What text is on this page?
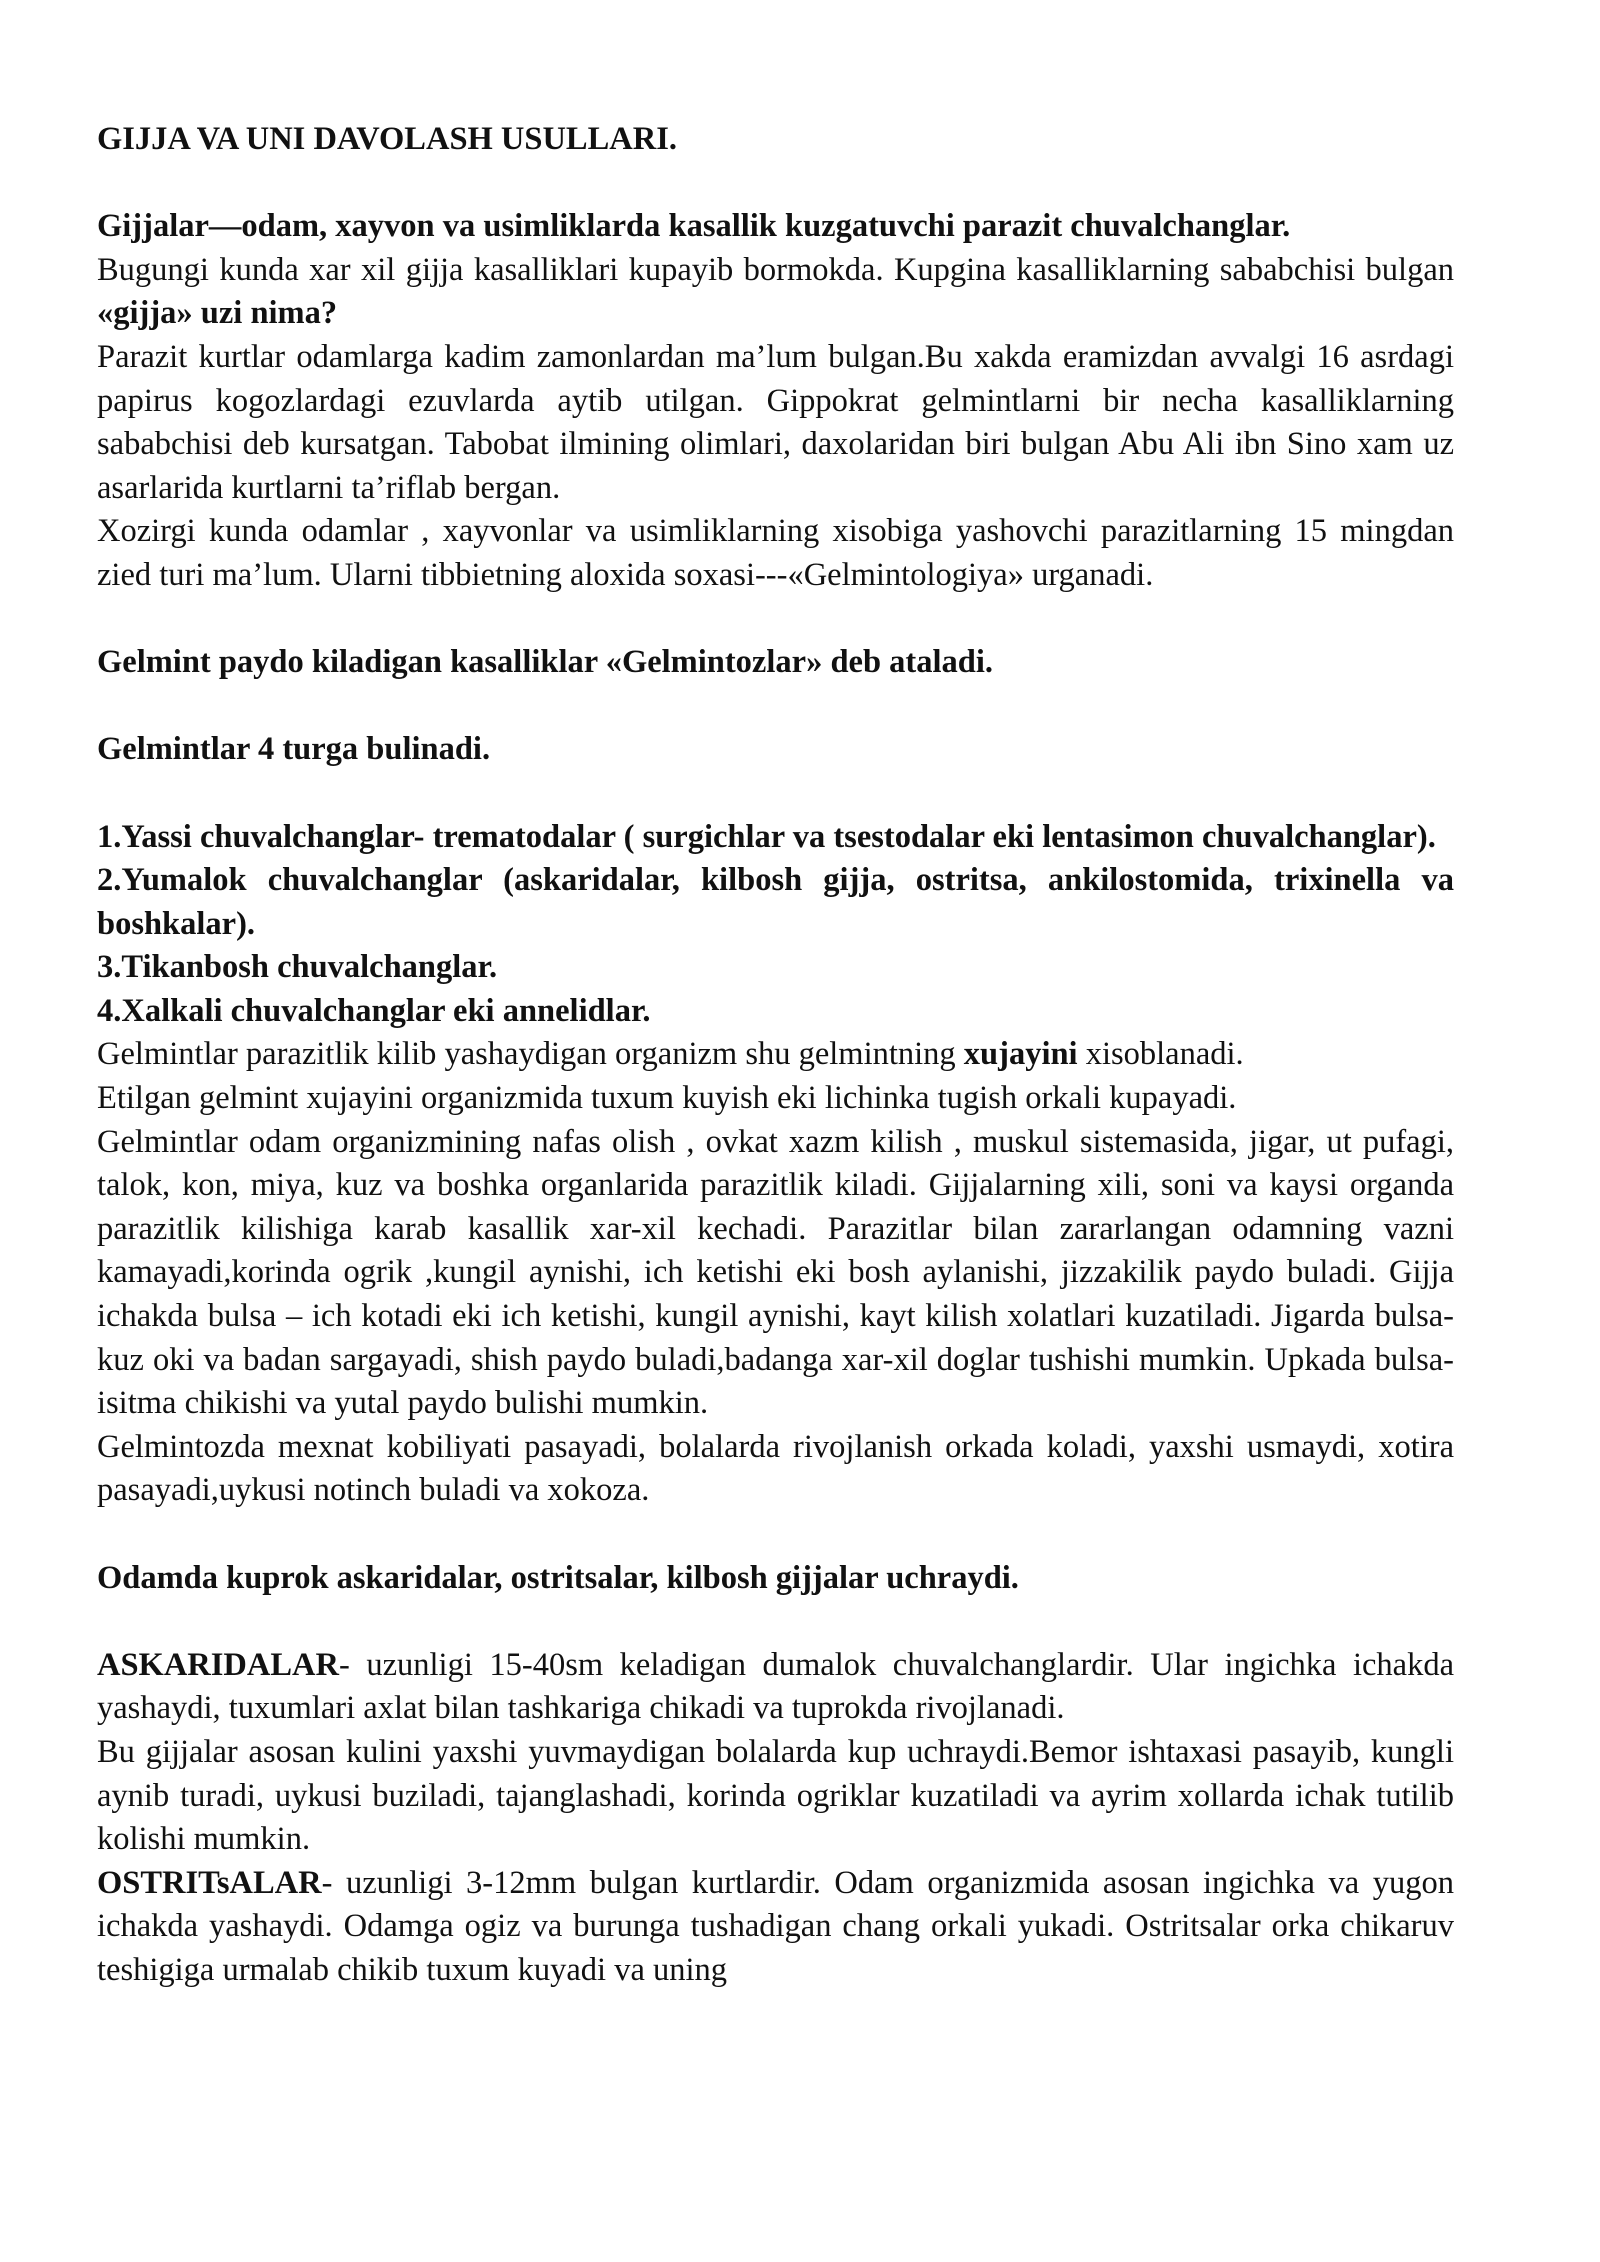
GIJJA VA UNI DAVOLASH USULLARI.

Gijjalar—odam, xayvon va usimliklarda kasallik kuzgatuvchi parazit chuvalchanglar.

Bugungi kunda xar xil gijja kasalliklari kupayib bormokda. Kupgina kasalliklarning sababchisi bulgan «gijja» uzi nima?

Parazit kurtlar odamlarga kadim zamonlardan ma’lum bulgan.Bu xakda eramizdan avvalgi 16 asrdagi papirus kogozlardagi ezuvlarda aytib utilgan. Gippokrat gelmintlarni bir necha kasalliklarning sababchisi deb kursatgan. Tabobat ilmining olimlari, daxolaridan biri bulgan Abu Ali ibn Sino xam uz asarlarida kurtlarni ta’riflab bergan.

Xozirgi kunda odamlar , xayvonlar va usimliklarning xisobiga yashovchi parazitlarning 15 mingdan zied turi ma’lum. Ularni tibbietning aloxida soxasi---«Gelmintologiya» urganadi.

Gelmint paydo kiladigan kasalliklar «Gelmintozlar» deb ataladi.

Gelmintlar 4 turga bulinadi.

1.Yassi chuvalchanglar- trematodalar ( surgichlar va tsestodalar eki lentasimon chuvalchanglar).

2.Yumalok chuvalchanglar (askaridalar, kilbosh gijja, ostritsa, ankilostomida, trixinella va boshkalar).

3.Tikanbosh chuvalchanglar.

4.Xalkali chuvalchanglar eki annelidlar.

Gelmintlar parazitlik kilib yashaydigan organizm shu gelmintning xujayini xisoblanadi.

Etilgan gelmint xujayini organizmida tuxum kuyish eki lichinka tugish orkali kupayadi.

Gelmintlar odam organizmining nafas olish , ovkat xazm kilish , muskul sistemasida, jigar, ut pufagi, talok, kon, miya, kuz va boshka organlarida parazitlik kiladi. Gijjalarning xili, soni va kaysi organda parazitlik kilishiga karab kasallik xar-xil kechadi. Parazitlar bilan zararlangan odamning vazni kamayadi,korinda ogrik ,kungil aynishi, ich ketishi eki bosh aylanishi, jizzakilik paydo buladi. Gijja ichakda bulsa – ich kotadi eki ich ketishi, kungil aynishi, kayt kilish xolatlari kuzatiladi. Jigarda bulsa-kuz oki va badan sargayadi, shish paydo buladi,badanga xar-xil doglar tushishi mumkin. Upkada bulsa- isitma chikishi va yutal paydo bulishi mumkin.

Gelmintozda mexnat kobiliyati pasayadi, bolalarda rivojlanish orkada koladi, yaxshi usmaydi, xotira pasayadi,uykusi notinch buladi va xokoza.

Odamda kuprok askaridalar, ostritsalar, kilbosh gijjalar uchraydi.

ASKARIDALAR- uzunligi 15-40sm keladigan dumalok chuvalchanglardir. Ular ingichka ichakda yashaydi, tuxumlari axlat bilan tashkariga chikadi va tuprokda rivojlanadi.

Bu gijjalar asosan kulini yaxshi yuvmaydigan bolalarda kup uchraydi.Bemor ishtaxasi pasayib, kungli aynib turadi, uykusi buziladi, tajanglashadi, korinda ogriklar kuzatiladi va ayrim xollarda ichak tutilib kolishi mumkin.

OSTRITsALAR- uzunligi 3-12mm bulgan kurtlardir. Odam organizmida asosan ingichka va yugon ichakda yashaydi. Odamga ogiz va burunga tushadigan chang orkali yukadi. Ostritsalar orka chikaruv teshigiga urmalab chikib tuxum kuyadi va uning
